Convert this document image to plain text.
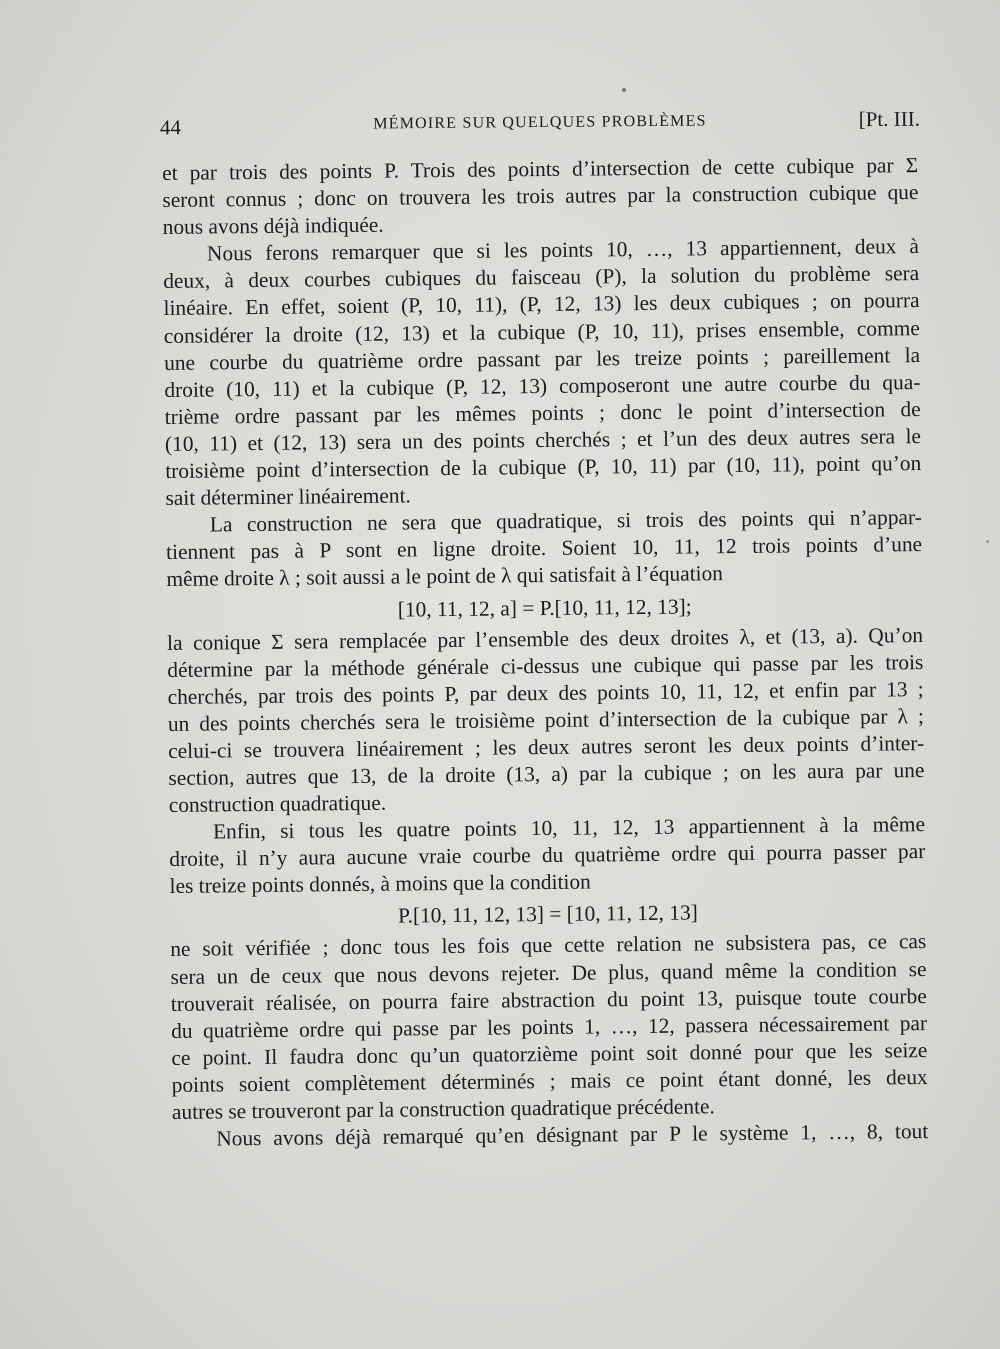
44	MÉMOIRE SUR QUELQUES PROBLÈMES	[Pt. III.
et par trois des points P. Trois des points d’intersection de cette cubique par Σ
seront connus ; donc on trouvera les trois autres par la construction cubique que
nous avons déjà indiquée.
Nous ferons remarquer que si les points 10, …, 13 appartiennent, deux à
deux, à deux courbes cubiques du faisceau (P), la solution du problème sera
linéaire. En effet, soient (P, 10, 11), (P, 12, 13) les deux cubiques ; on pourra
considérer la droite (12, 13) et la cubique (P, 10, 11), prises ensemble, comme
une courbe du quatrième ordre passant par les treize points ; pareillement la
droite (10, 11) et la cubique (P, 12, 13) composeront une autre courbe du qua-
trième ordre passant par les mêmes points ; donc le point d’intersection de
(10, 11) et (12, 13) sera un des points cherchés ; et l’un des deux autres sera le
troisième point d’intersection de la cubique (P, 10, 11) par (10, 11), point qu’on
sait déterminer linéairement.
La construction ne sera que quadratique, si trois des points qui n’appar-
tiennent pas à P sont en ligne droite. Soient 10, 11, 12 trois points d’une
même droite λ ; soit aussi a le point de λ qui satisfait à l’équation
[10, 11, 12, a] = P.[10, 11, 12, 13];
la conique Σ sera remplacée par l’ensemble des deux droites λ, et (13, a). Qu’on
détermine par la méthode générale ci-dessus une cubique qui passe par les trois
cherchés, par trois des points P, par deux des points 10, 11, 12, et enfin par 13 ;
un des points cherchés sera le troisième point d’intersection de la cubique par λ ;
celui-ci se trouvera linéairement ; les deux autres seront les deux points d’inter-
section, autres que 13, de la droite (13, a) par la cubique ; on les aura par une
construction quadratique.
Enfin, si tous les quatre points 10, 11, 12, 13 appartiennent à la même
droite, il n’y aura aucune vraie courbe du quatrième ordre qui pourra passer par
les treize points donnés, à moins que la condition
P.[10, 11, 12, 13] = [10, 11, 12, 13]
ne soit vérifiée ; donc tous les fois que cette relation ne subsistera pas, ce cas
sera un de ceux que nous devons rejeter. De plus, quand même la condition se
trouverait réalisée, on pourra faire abstraction du point 13, puisque toute courbe
du quatrième ordre qui passe par les points 1, …, 12, passera nécessairement par
ce point. Il faudra donc qu’un quatorzième point soit donné pour que les seize
points soient complètement déterminés ; mais ce point étant donné, les deux
autres se trouveront par la construction quadratique précédente.
Nous avons déjà remarqué qu’en désignant par P le système 1, …, 8, tout
